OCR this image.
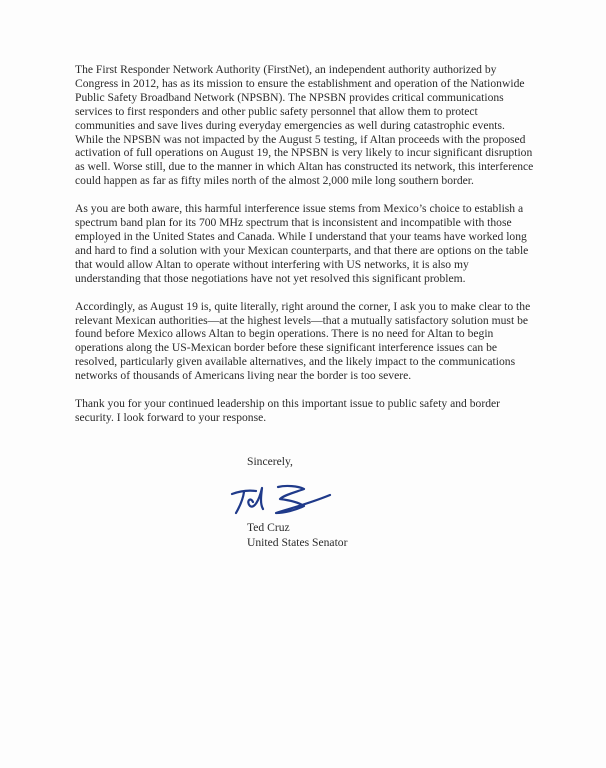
The First Responder Network Authority (FirstNet), an independent authority authorized by Congress in 2012, has as its mission to ensure the establishment and operation of the Nationwide Public Safety Broadband Network (NPSBN). The NPSBN provides critical communications services to first responders and other public safety personnel that allow them to protect communities and save lives during everyday emergencies as well during catastrophic events. While the NPSBN was not impacted by the August 5 testing, if Altan proceeds with the proposed activation of full operations on August 19, the NPSBN is very likely to incur significant disruption as well. Worse still, due to the manner in which Altan has constructed its network, this interference could happen as far as fifty miles north of the almost 2,000 mile long southern border.

As you are both aware, this harmful interference issue stems from Mexico’s choice to establish a spectrum band plan for its 700 MHz spectrum that is inconsistent and incompatible with those employed in the United States and Canada. While I understand that your teams have worked long and hard to find a solution with your Mexican counterparts, and that there are options on the table that would allow Altan to operate without interfering with US networks, it is also my understanding that those negotiations have not yet resolved this significant problem.

Accordingly, as August 19 is, quite literally, right around the corner, I ask you to make clear to the relevant Mexican authorities—at the highest levels—that a mutually satisfactory solution must be found before Mexico allows Altan to begin operations. There is no need for Altan to begin operations along the US-Mexican border before these significant interference issues can be resolved, particularly given available alternatives, and the likely impact to the communications networks of thousands of Americans living near the border is too severe.

Thank you for your continued leadership on this important issue to public safety and border security. I look forward to your response.

Sincerely,
Ted Cruz
United States Senator
